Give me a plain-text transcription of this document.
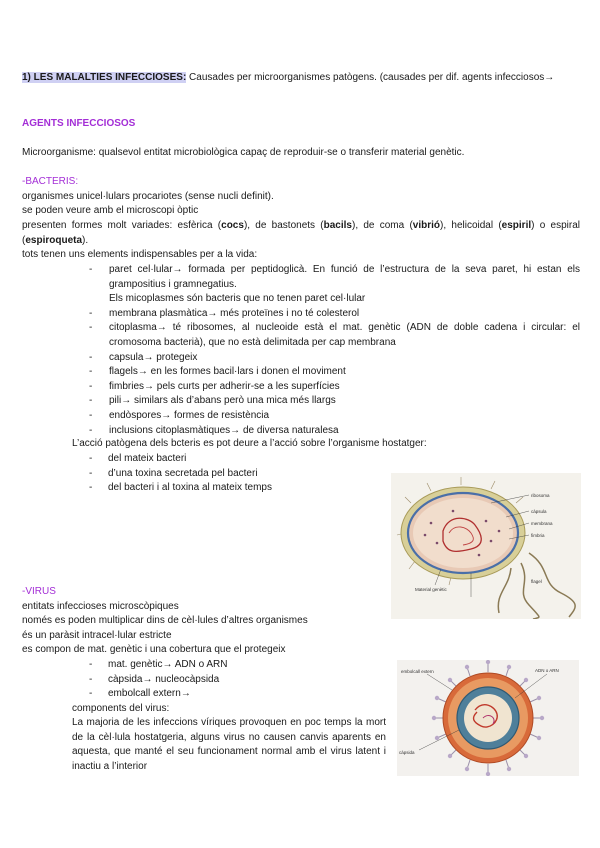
1) LES MALALTIES INFECCIOSES: Causades per microorganismes patògens. (causades per dif. agents infecciosos→
AGENTS INFECCIOSOS
Microorganisme: qualsevol entitat microbiològica capaç de reproduir-se o transferir material genètic.
-BACTERIS:
organismes unicel·lulars procariotes (sense nucli definit).
se poden veure amb el microscopi òptic
presenten formes molt variades: esfèrica (cocs), de bastonets (bacils), de coma (vibrió), helicoidal (espiril) o espiral (espiroqueta).
tots tenen uns elements indispensables per a la vida:
- paret cel·lular→ formada per peptidoglicà. En funció de l’estructura de la seva paret, hi estan els grampositius i gramnegatius.
Els micoplasmes són bacteris que no tenen paret cel·lular
- membrana plasmàtica→ més proteïnes i no té colesterol
- citoplasma→ té ribosomes, al nucleoide està el mat. genètic (ADN de doble cadena i circular: el cromosoma bacterià), que no està delimitada per cap membrana
- capsula→ protegeix
- flagels→ en les formes bacil·lars i donen el moviment
- fimbries→ pels curts per adherir-se a les superfícies
- pili→ similars als d’abans però una mica més llargs
- endòspores→ formes de resistència
- inclusions citoplasmàtiques→ de diversa naturalesa
L’acció patògena dels bcteris es pot deure a l’acció sobre l’organisme hostatger:
- del mateix bacteri
- d’una toxina secretada pel bacteri
- del bacteri i al toxina al mateix temps
-VIRUS
entitats infeccioses microscòpiques
només es poden multiplicar dins de cèl·lules d’altres organismes
és un paràsit intracel·lular estricte
es compon de mat. genètic i una cobertura que el protegeix
- mat. genètic→ ADN o ARN
- càpsida→ nucleocàpsida
- embolcall extern→
components del virus:
La majoria de les infeccions víriques provoquen en poc temps la mort de la cèl·lula hostatgeria, alguns virus no causen canvis aparents en aquesta, que manté el seu funcionament normal amb el virus latent i inactiu a l’interior
ribosoma
càpsula
membrana
fimbria
flagel
Material genètic
embolcall extern	ADN o ARN
càpsida
